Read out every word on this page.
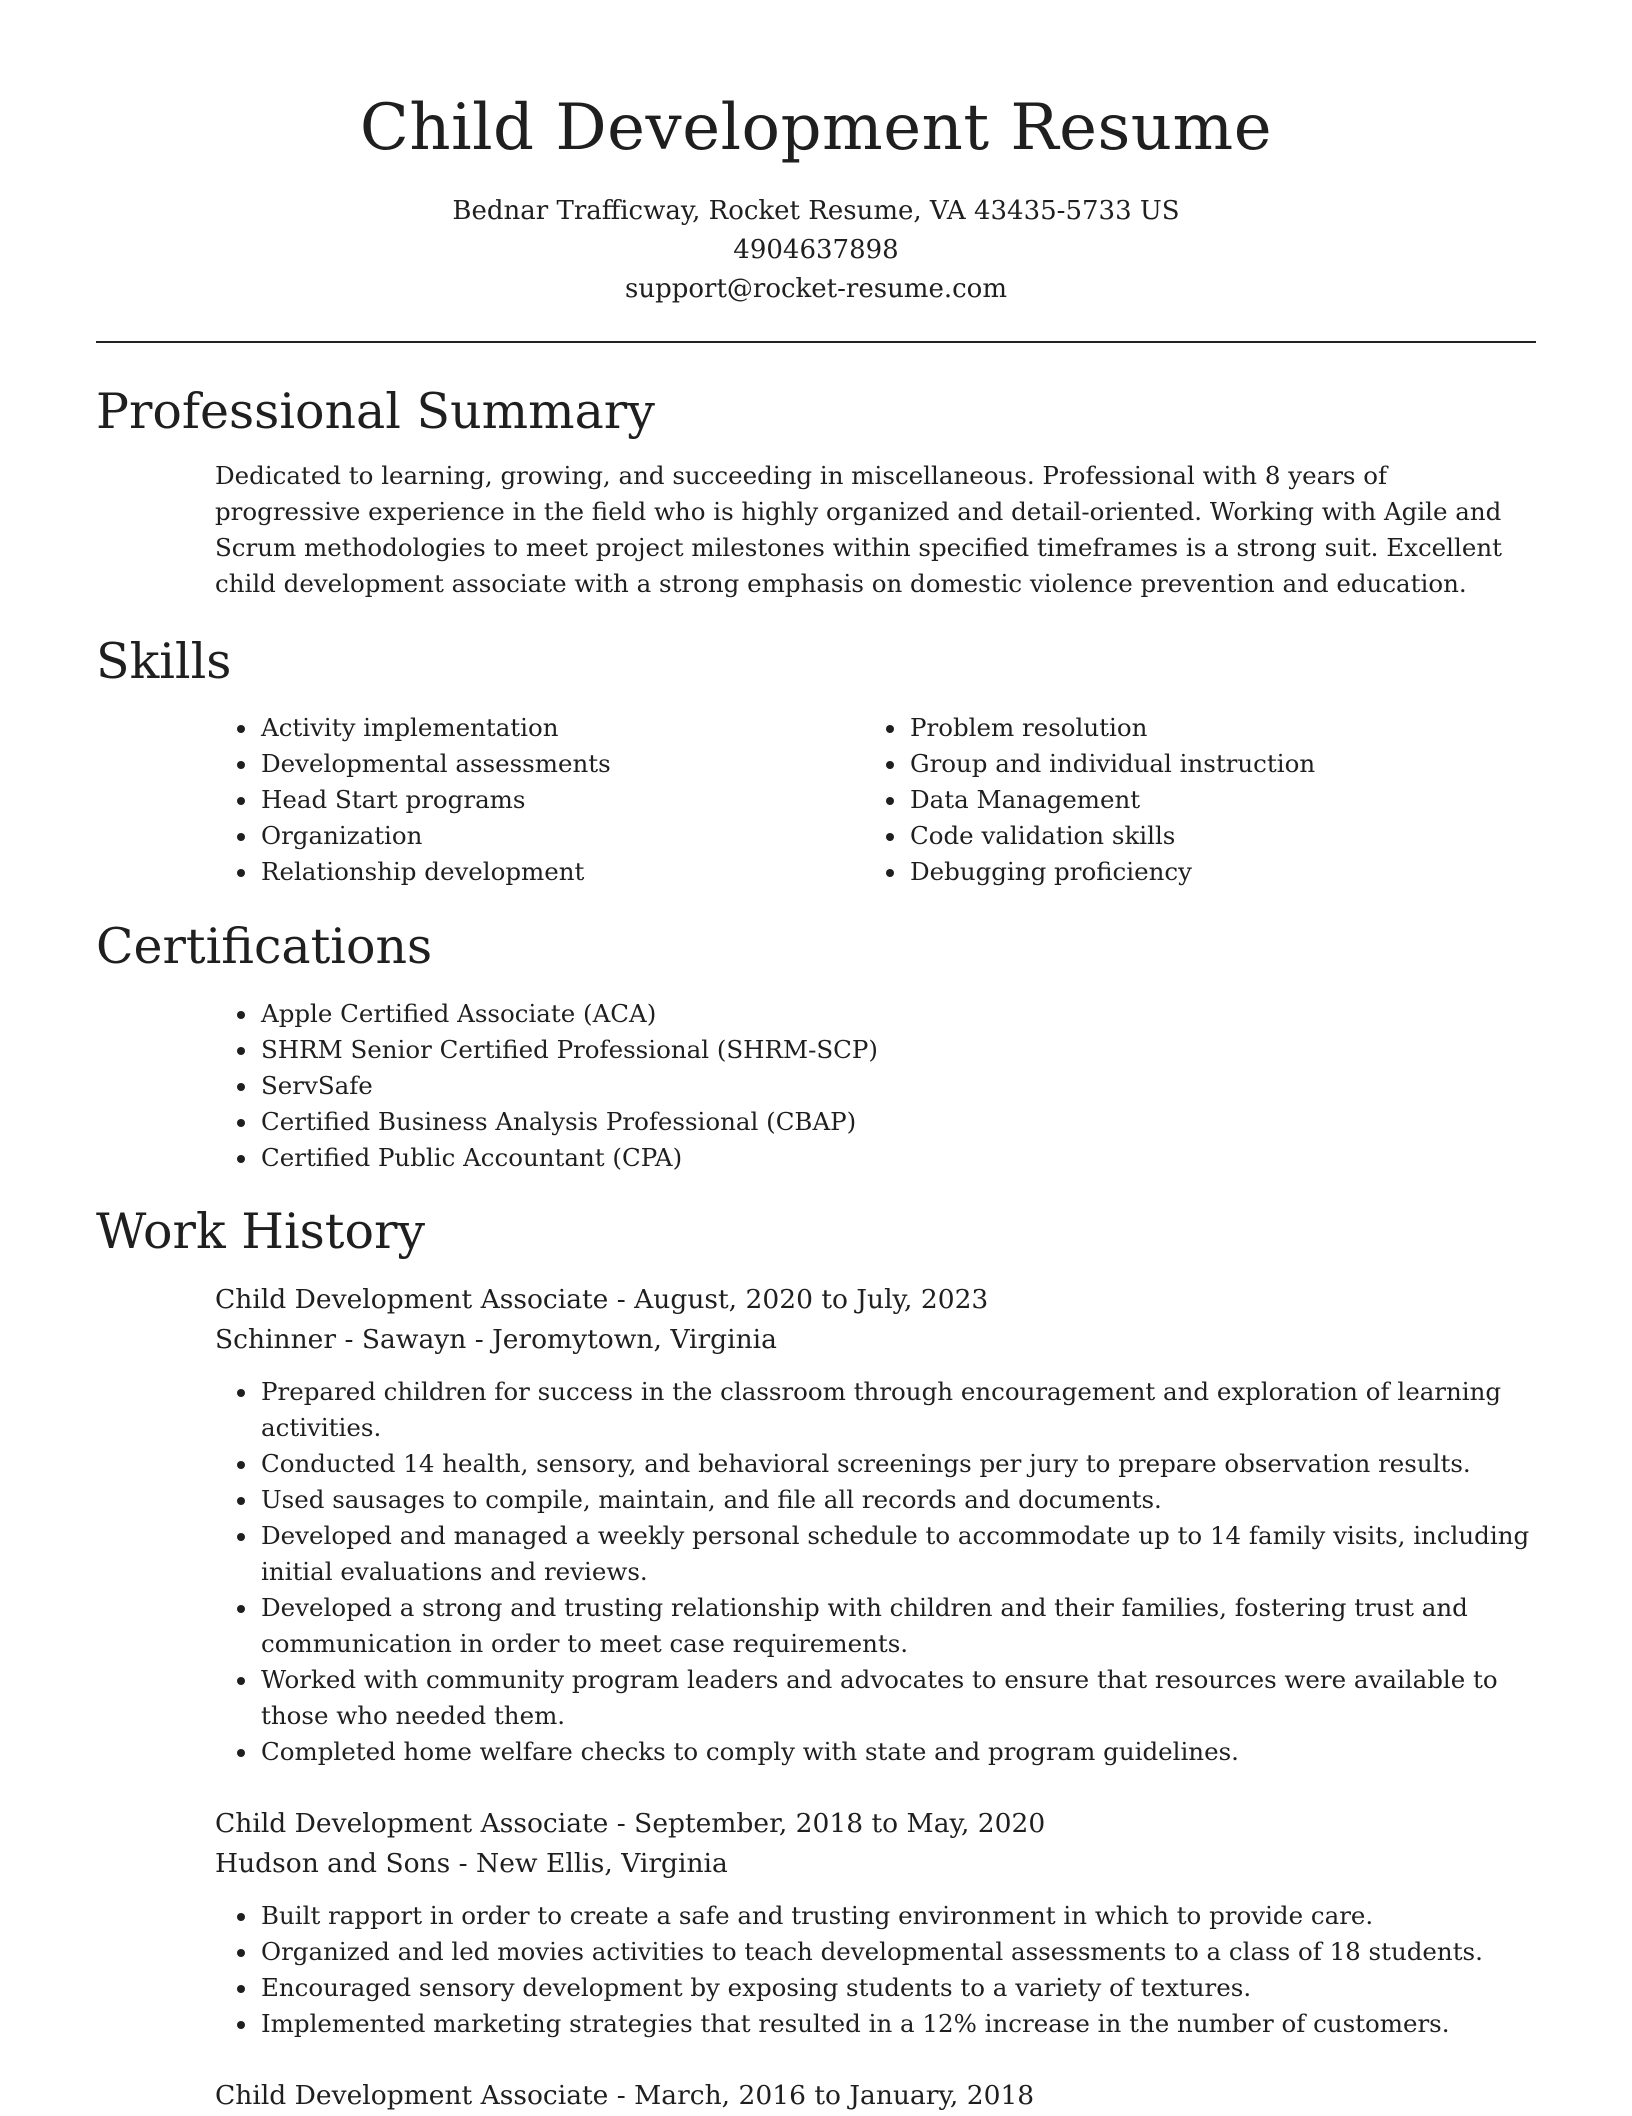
Child Development Resume

Bednar Trafficway, Rocket Resume, VA 43435-5733 US

4904637898

support@rocket-resume.com

Professional Summary

Dedicated to learning, growing, and succeeding in miscellaneous. Professional with 8 years of progressive experience in the field who is highly organized and detail-oriented. Working with Agile and Scrum methodologies to meet project milestones within specified timeframes is a strong suit. Excellent child development associate with a strong emphasis on domestic violence prevention and education.

Skills
• Activity implementation
• Developmental assessments
• Head Start programs
• Organization
• Relationship development
• Problem resolution
• Group and individual instruction
• Data Management
• Code validation skills
• Debugging proficiency
Certifications
• Apple Certified Associate (ACA)
• SHRM Senior Certified Professional (SHRM-SCP)
• ServSafe
• Certified Business Analysis Professional (CBAP)
• Certified Public Accountant (CPA)
Work History

Child Development Associate - August, 2020 to July, 2023

Schinner - Sawayn - Jeromytown, Virginia

• Prepared children for success in the classroom through encouragement and exploration of learning activities.
• Conducted 14 health, sensory, and behavioral screenings per jury to prepare observation results.
• Used sausages to compile, maintain, and file all records and documents.
• Developed and managed a weekly personal schedule to accommodate up to 14 family visits, including initial evaluations and reviews.
• Developed a strong and trusting relationship with children and their families, fostering trust and communication in order to meet case requirements.
• Worked with community program leaders and advocates to ensure that resources were available to those who needed them.
• Completed home welfare checks to comply with state and program guidelines.

Child Development Associate - September, 2018 to May, 2020

Hudson and Sons - New Ellis, Virginia

• Built rapport in order to create a safe and trusting environment in which to provide care.
• Organized and led movies activities to teach developmental assessments to a class of 18 students.
• Encouraged sensory development by exposing students to a variety of textures.
• Implemented marketing strategies that resulted in a 12% increase in the number of customers.

Child Development Associate - March, 2016 to January, 2018
